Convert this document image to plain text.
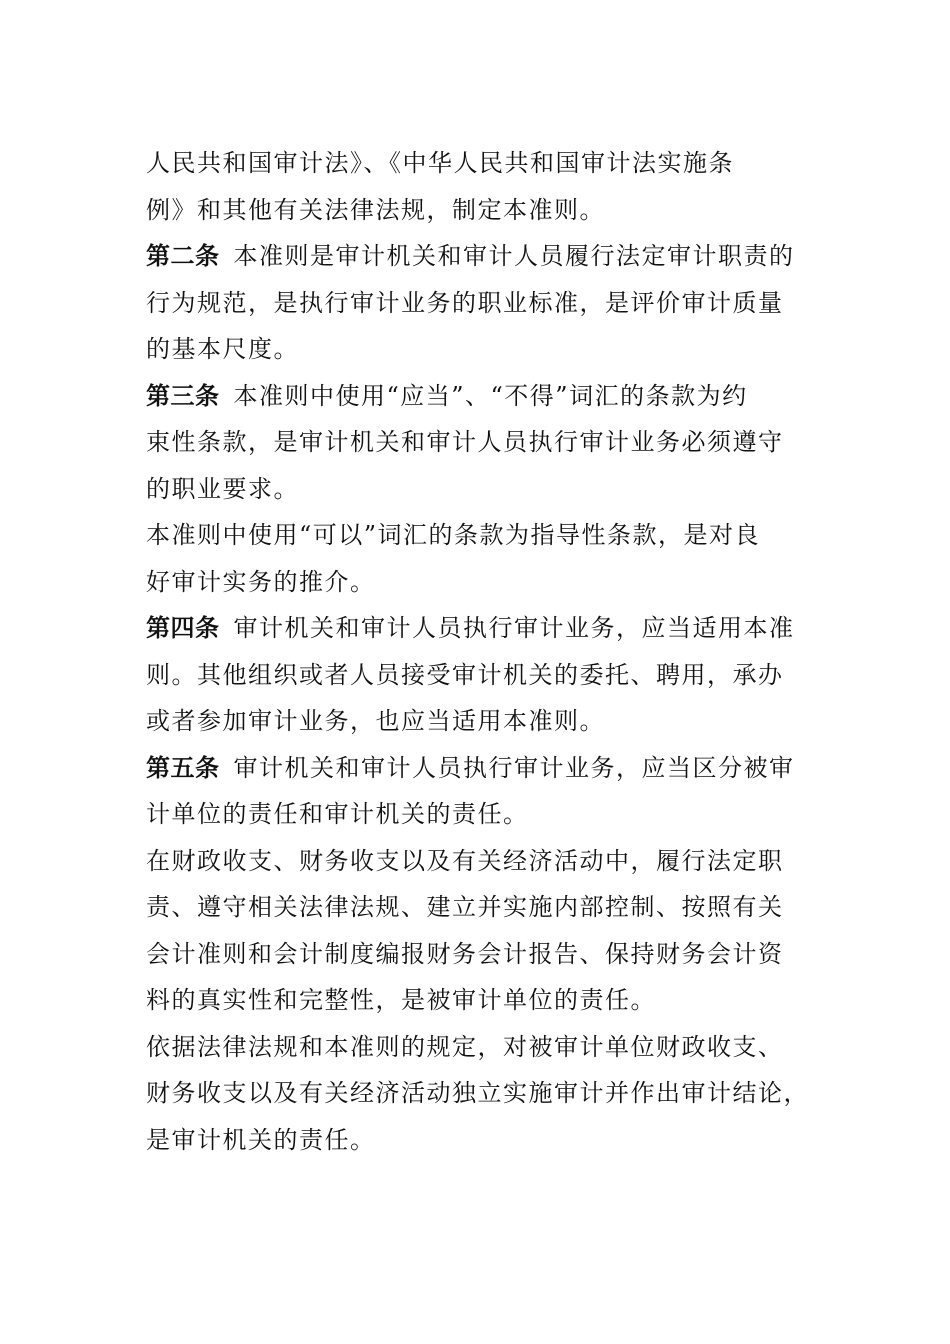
人民共和国审计法》、《中华人民共和国审计法实施条
例》和其他有关法律法规，制定本准则。
第二条 本准则是审计机关和审计人员履行法定审计职责的
行为规范，是执行审计业务的职业标准，是评价审计质量
的基本尺度。
第三条 本准则中使用“应当”、“不得”词汇的条款为约
束性条款，是审计机关和审计人员执行审计业务必须遵守
的职业要求。
本准则中使用“可以”词汇的条款为指导性条款，是对良
好审计实务的推介。
第四条 审计机关和审计人员执行审计业务，应当适用本准
则。其他组织或者人员接受审计机关的委托、聘用，承办
或者参加审计业务，也应当适用本准则。
第五条 审计机关和审计人员执行审计业务，应当区分被审
计单位的责任和审计机关的责任。
在财政收支、财务收支以及有关经济活动中，履行法定职
责、遵守相关法律法规、建立并实施内部控制、按照有关
会计准则和会计制度编报财务会计报告、保持财务会计资
料的真实性和完整性，是被审计单位的责任。
依据法律法规和本准则的规定，对被审计单位财政收支、
财务收支以及有关经济活动独立实施审计并作出审计结论，
是审计机关的责任。
